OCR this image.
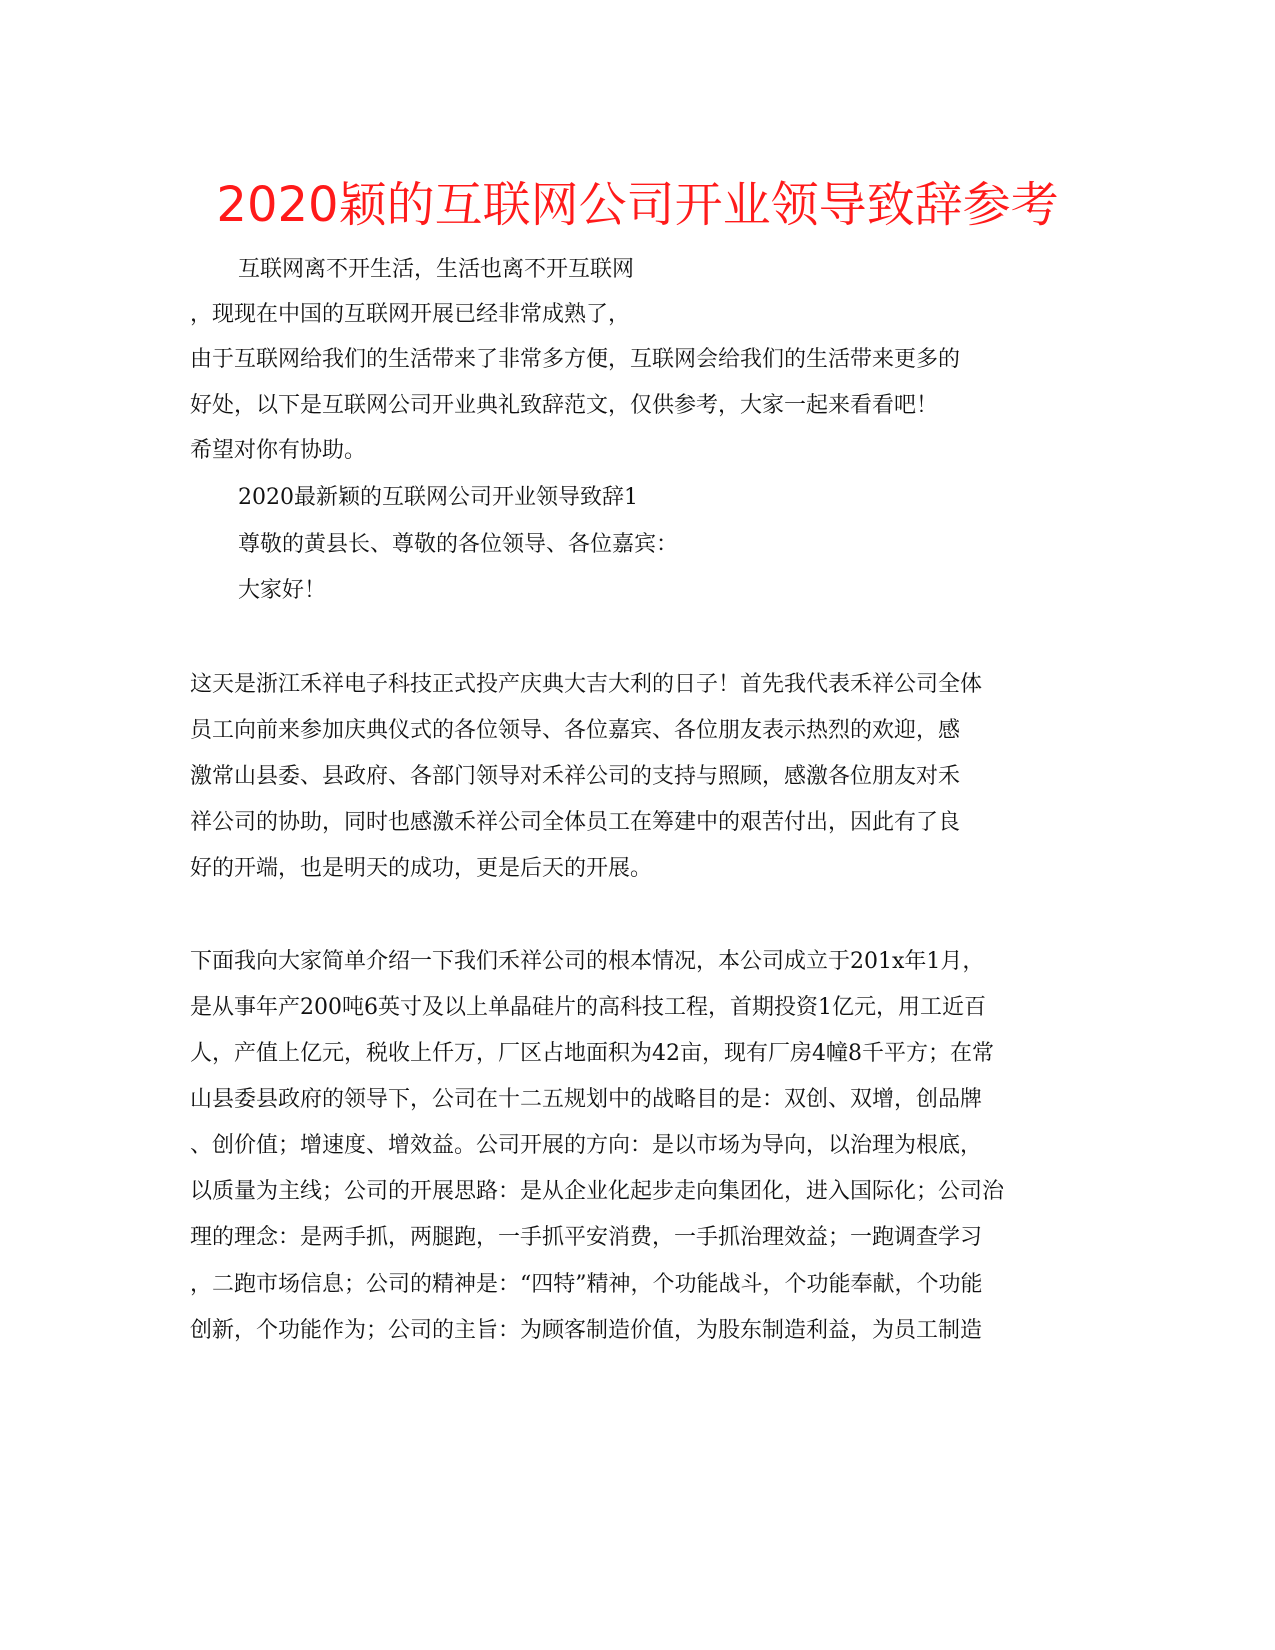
2020颖的互联网公司开业领导致辞参考
互联网离不开生活，生活也离不开互联网
，现现在中国的互联网开展已经非常成熟了，
由于互联网给我们的生活带来了非常多方便，互联网会给我们的生活带来更多的
好处，以下是互联网公司开业典礼致辞范文，仅供参考，大家一起来看看吧！
希望对你有协助。
2020最新颖的互联网公司开业领导致辞1
尊敬的黄县长、尊敬的各位领导、各位嘉宾：
大家好！
这天是浙江禾祥电子科技正式投产庆典大吉大利的日子！首先我代表禾祥公司全体
员工向前来参加庆典仪式的各位领导、各位嘉宾、各位朋友表示热烈的欢迎，感
激常山县委、县政府、各部门领导对禾祥公司的支持与照顾，感激各位朋友对禾
祥公司的协助，同时也感激禾祥公司全体员工在筹建中的艰苦付出，因此有了良
好的开端，也是明天的成功，更是后天的开展。
下面我向大家简单介绍一下我们禾祥公司的根本情况，本公司成立于201x年1月，
是从事年产200吨6英寸及以上单晶硅片的高科技工程，首期投资1亿元，用工近百
人，产值上亿元，税收上仟万，厂区占地面积为42亩，现有厂房4幢8千平方；在常
山县委县政府的领导下，公司在十二五规划中的战略目的是：双创、双增，创品牌
、创价值；增速度、增效益。公司开展的方向：是以市场为导向，以治理为根底，
以质量为主线；公司的开展思路：是从企业化起步走向集团化，进入国际化；公司治
理的理念：是两手抓，两腿跑，一手抓平安消费，一手抓治理效益；一跑调查学习
，二跑市场信息；公司的精神是：“四特”精神，个功能战斗，个功能奉献，个功能
创新，个功能作为；公司的主旨：为顾客制造价值，为股东制造利益，为员工制造
